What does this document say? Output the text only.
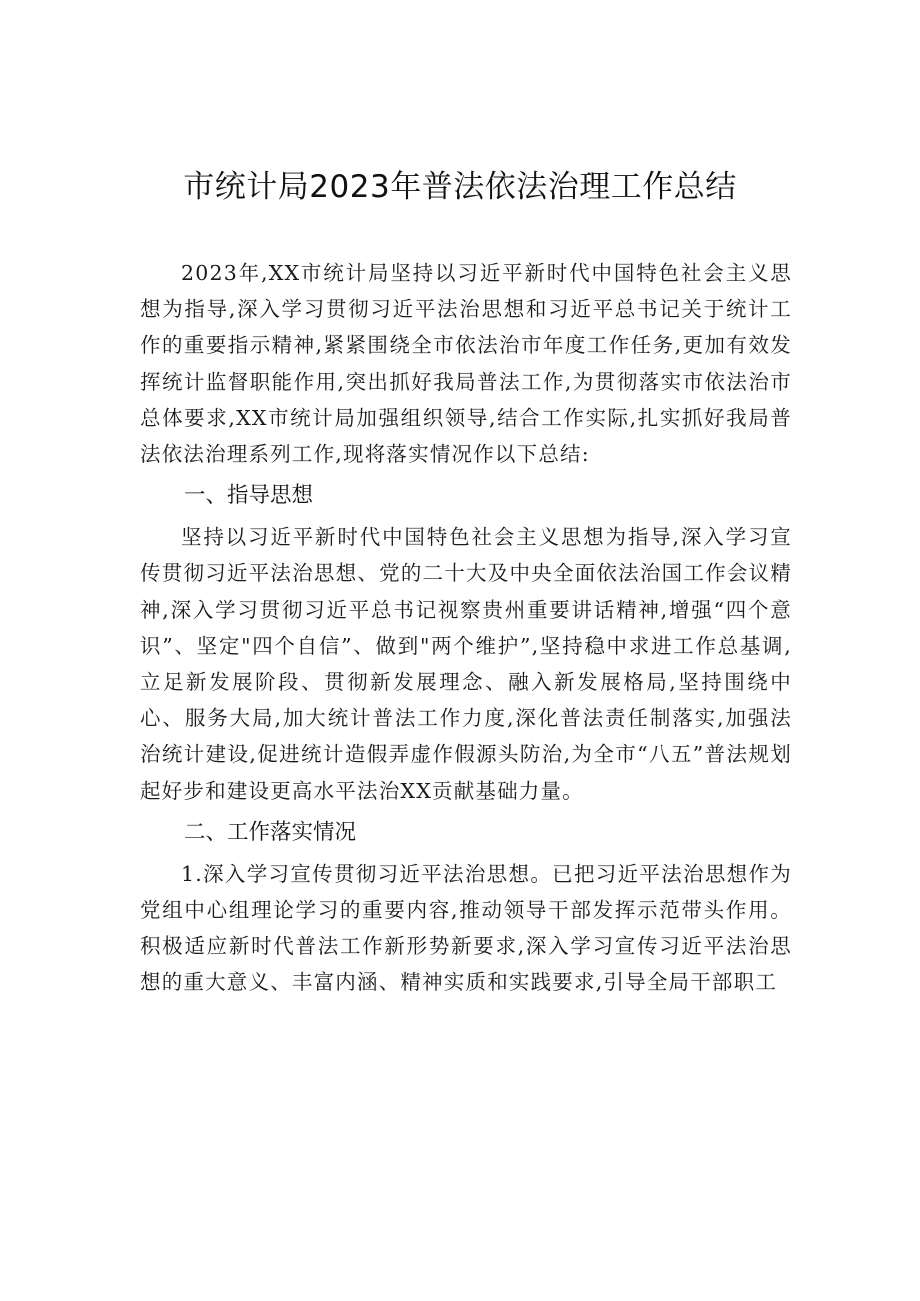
市统计局2023年普法依法治理工作总结

2023年,XX市统计局坚持以习近平新时代中国特色社会主义思想为指导,深入学习贯彻习近平法治思想和习近平总书记关于统计工作的重要指示精神,紧紧围绕全市依法治市年度工作任务,更加有效发挥统计监督职能作用,突出抓好我局普法工作,为贯彻落实市依法治市总体要求,XX市统计局加强组织领导,结合工作实际,扎实抓好我局普法依法治理系列工作,现将落实情况作以下总结:

一、指导思想

坚持以习近平新时代中国特色社会主义思想为指导,深入学习宣传贯彻习近平法治思想、党的二十大及中央全面依法治国工作会议精神,深入学习贯彻习近平总书记视察贵州重要讲话精神,增强“四个意识”、坚定"四个自信”、做到"两个维护”,坚持稳中求进工作总基调,立足新发展阶段、贯彻新发展理念、融入新发展格局,坚持围绕中心、服务大局,加大统计普法工作力度,深化普法责任制落实,加强法治统计建设,促进统计造假弄虚作假源头防治,为全市“八五”普法规划起好步和建设更高水平法治XX贡献基础力量。

二、工作落实情况

1.深入学习宣传贯彻习近平法治思想。已把习近平法治思想作为党组中心组理论学习的重要内容,推动领导干部发挥示范带头作用。积极适应新时代普法工作新形势新要求,深入学习宣传习近平法治思想的重大意义、丰富内涵、精神实质和实践要求,引导全局干部职工
